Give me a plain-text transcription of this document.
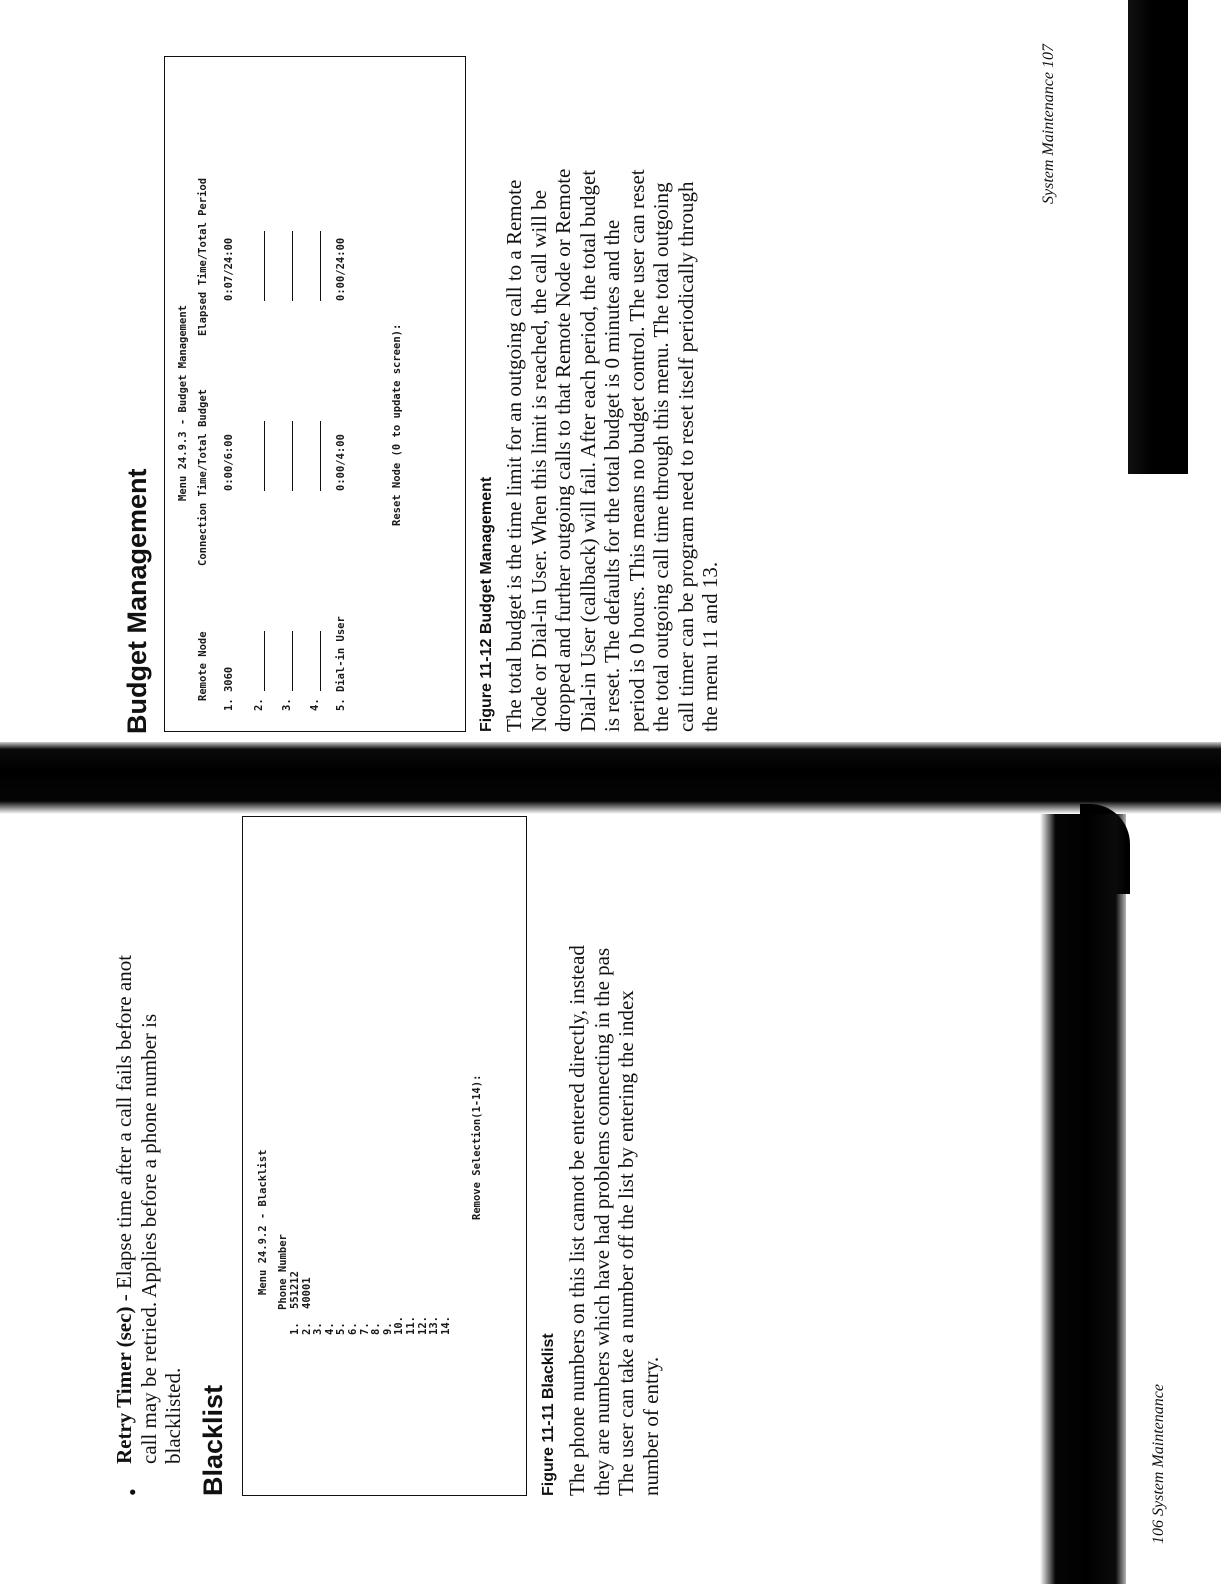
•
Retry Timer (sec) - Elapse time after a call fails before anot call may be retried. Applies before a phone number is blacklisted. Blacklist
Menu 24.9.2 - Blacklist Phone Number
1.551212
2.40001
3. 4. 5. 6. 7. 8. 9. 10. 11. 12. 13. 14.
Remove Selection(1-14):
Figure 11-11 Blacklist The phone numbers on this list cannot be entered directly, instead they are numbers which have had problems connecting in the pas The user can take a number off the list by entering the index number of entry.	106 System Maintenance
Budget Management
Menu 24.9.3 - Budget Management
Remote Node
Connection Time/Total Budget
Elapsed Time/Total Period
1. 3060
0:00/6:00
0:07/24:00
2. 3. 4. 5. Dial-in User
0:00/4:00
0:00/24:00
Reset Node (0 to update screen):
Figure 11-12 Budget Management The total budget is the time limit for an outgoing call to a Remote Node or Dial-in User. When this limit is reached, the call will be dropped and further outgoing calls to that Remote Node or Remote Dial-in User (callback) will fail. After each period, the total budget is reset. The defaults for the total budget is 0 minutes and the period is 0 hours. This means no budget control. The user can reset the total outgoing call time through this menu. The total outgoing call timer can be program need to reset itself periodically through the menu 11 and 13.
System Maintenance 107
